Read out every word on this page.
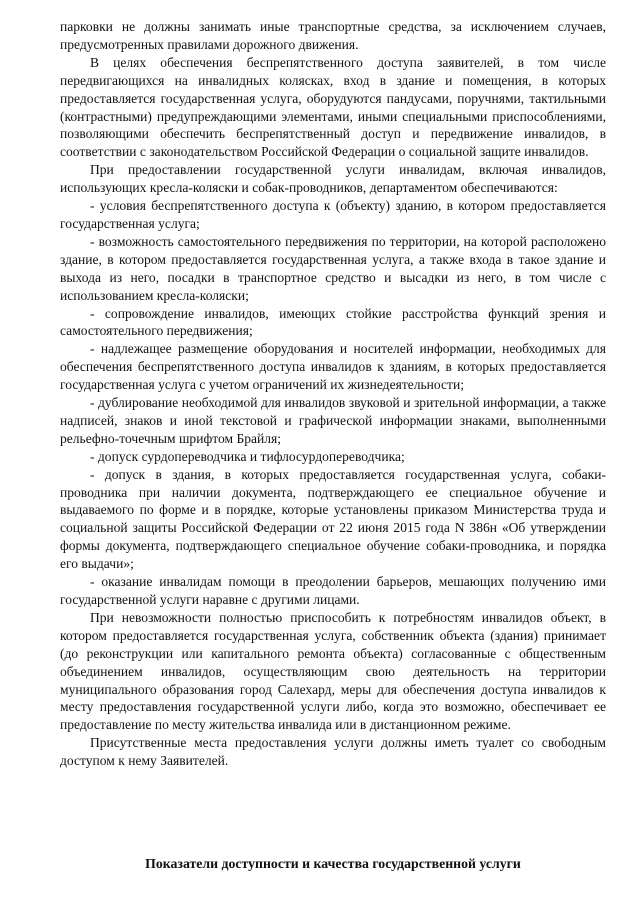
парковки не должны занимать иные транспортные средства, за исключением случаев, предусмотренных правилами дорожного движения.

В целях обеспечения беспрепятственного доступа заявителей, в том числе передвигающихся на инвалидных колясках, вход в здание и помещения, в которых предоставляется государственная услуга, оборудуются пандусами, поручнями, тактильными (контрастными) предупреждающими элементами, иными специальными приспособлениями, позволяющими обеспечить беспрепятственный доступ и передвижение инвалидов, в соответствии с законодательством Российской Федерации о социальной защите инвалидов.

При предоставлении государственной услуги инвалидам, включая инвалидов, использующих кресла-коляски и собак-проводников, департаментом обеспечиваются:

- условия беспрепятственного доступа к (объекту) зданию, в котором предоставляется государственная услуга;

- возможность самостоятельного передвижения по территории, на которой расположено здание, в котором предоставляется государственная услуга, а также входа в такое здание и выхода из него, посадки в транспортное средство и высадки из него, в том числе с использованием кресла-коляски;

- сопровождение инвалидов, имеющих стойкие расстройства функций зрения и самостоятельного передвижения;

- надлежащее размещение оборудования и носителей информации, необходимых для обеспечения беспрепятственного доступа инвалидов к зданиям, в которых предоставляется государственная услуга с учетом ограничений их жизнедеятельности;

- дублирование необходимой для инвалидов звуковой и зрительной информации, а также надписей, знаков и иной текстовой и графической информации знаками, выполненными рельефно-точечным шрифтом Брайля;

- допуск сурдопереводчика и тифлосурдопереводчика;

- допуск в здания, в которых предоставляется государственная услуга, собаки-проводника при наличии документа, подтверждающего ее специальное обучение и выдаваемого по форме и в порядке, которые установлены приказом Министерства труда и социальной защиты Российской Федерации от 22 июня 2015 года N 386н «Об утверждении формы документа, подтверждающего специальное обучение собаки-проводника, и порядка его выдачи»;

- оказание инвалидам помощи в преодолении барьеров, мешающих получению ими государственной услуги наравне с другими лицами.

При невозможности полностью приспособить к потребностям инвалидов объект, в котором предоставляется государственная услуга, собственник объекта (здания) принимает (до реконструкции или капитального ремонта объекта) согласованные с общественным объединением инвалидов, осуществляющим свою деятельность на территории муниципального образования город Салехард, меры для обеспечения доступа инвалидов к месту предоставления государственной услуги либо, когда это возможно, обеспечивает ее предоставление по месту жительства инвалида или в дистанционном режиме.

Присутственные места предоставления услуги должны иметь туалет со свободным доступом к нему Заявителей.

Показатели доступности и качества государственной услуги
